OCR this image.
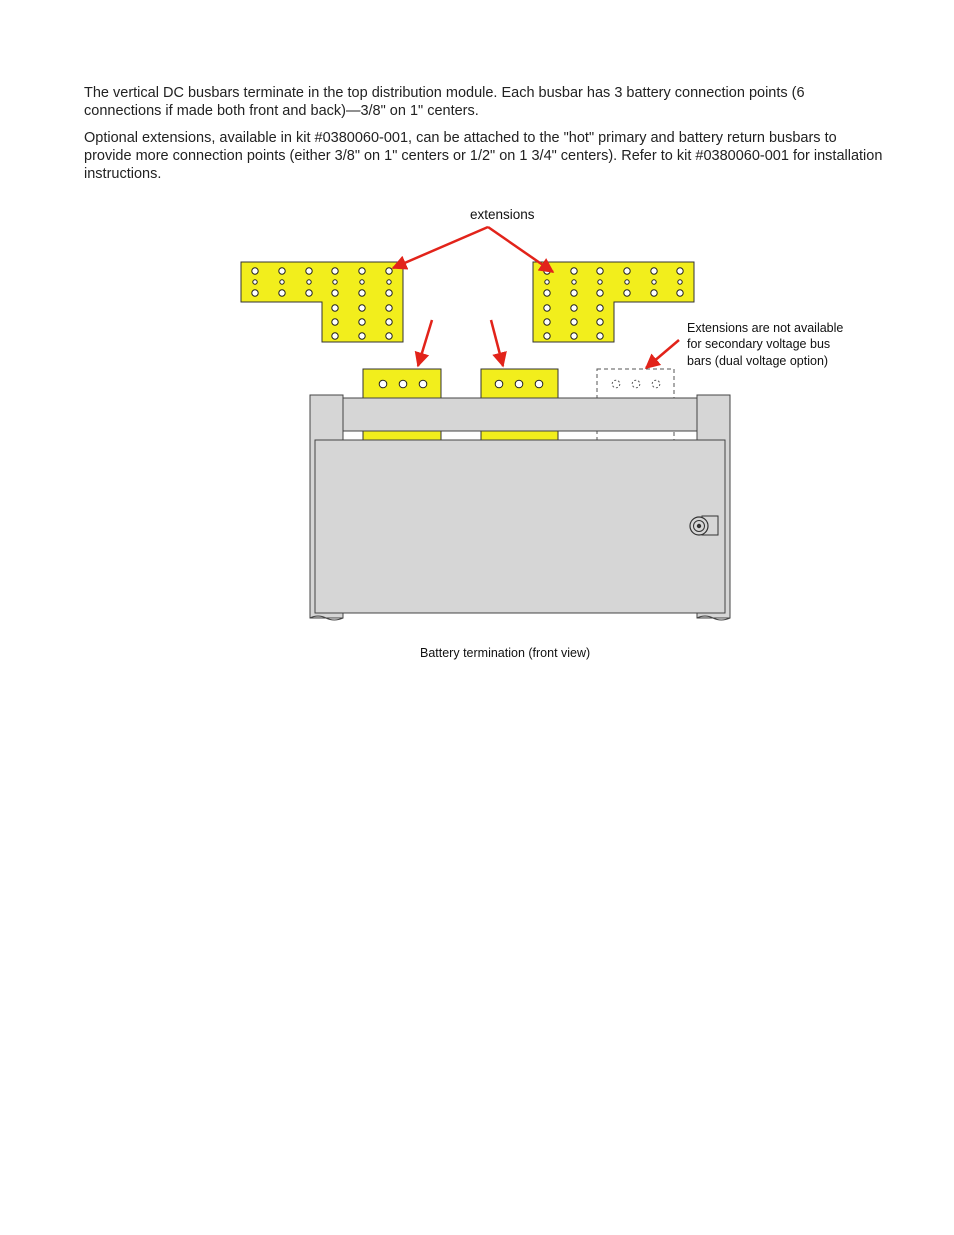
The vertical DC busbars terminate in the top distribution module. Each busbar has 3 battery connection points (6 connections if made both front and back)—3/8" on 1" centers.

Optional extensions, available in kit #0380060-001, can be attached to the "hot" primary and battery return busbars to provide more connection points (either 3/8" on 1" centers or 1/2" on 1 3/4" centers). Refer to kit #0380060-001 for installation instructions.

extensions
Extensions are not available
for secondary voltage bus
bars (dual voltage option)
Battery termination (front view)
